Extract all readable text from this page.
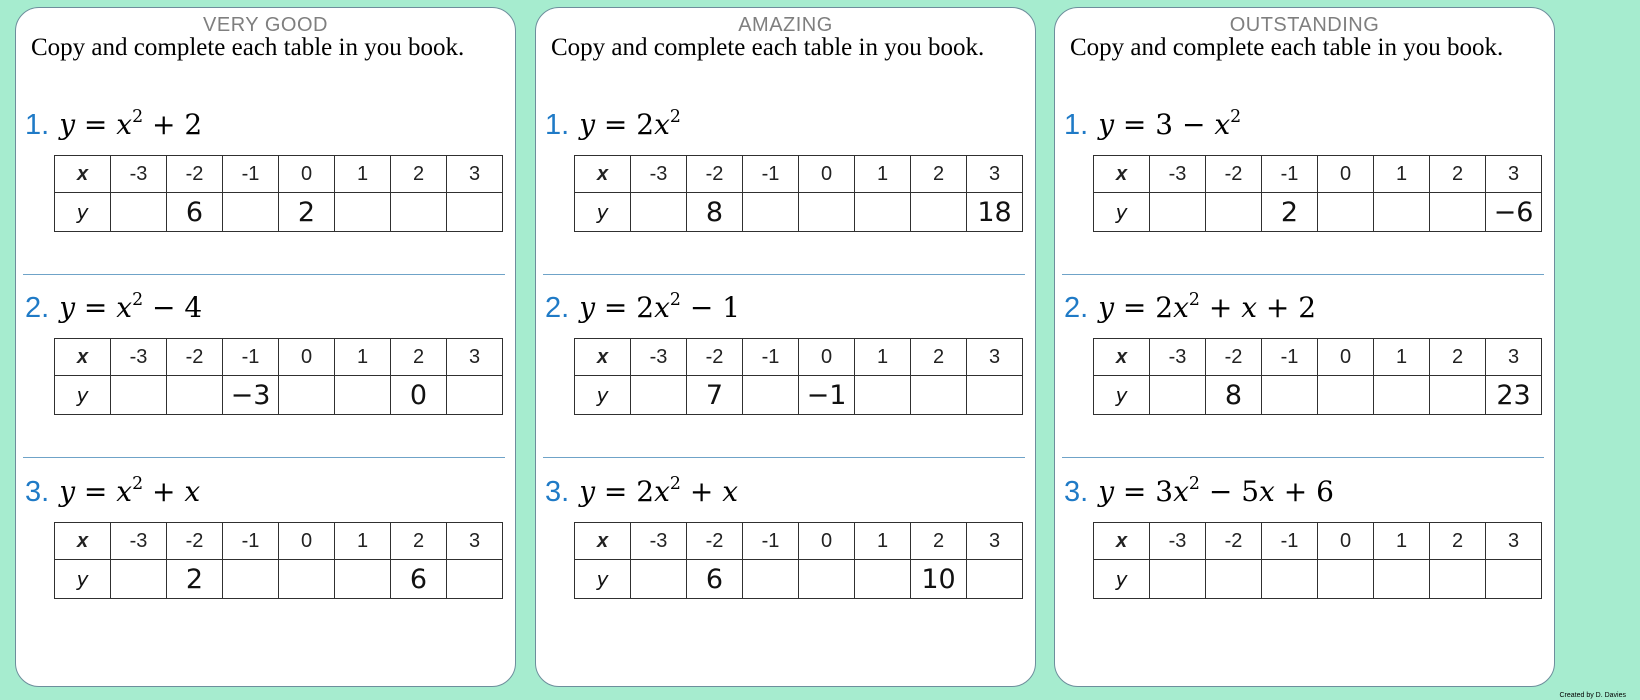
VERY GOOD
Copy and complete each table in you book.
1. $y = x^2 + 2$
x	-3	-2	-1	0	1	2	3
y		6		2			
2. $y = x^2 - 4$
x	-3	-2	-1	0	1	2	3
y			−3			0	
3. $y = x^2 + x$
x	-3	-2	-1	0	1	2	3
y		2				6	
AMAZING
Copy and complete each table in you book.
1. $y = 2x^2$
x	-3	-2	-1	0	1	2	3
y		8					18
2. $y = 2x^2 - 1$
x	-3	-2	-1	0	1	2	3
y		7		−1			
3. $y = 2x^2 + x$
x	-3	-2	-1	0	1	2	3
y		6				10	
OUTSTANDING
Copy and complete each table in you book.
1. $y = 3 - x^2$
x	-3	-2	-1	0	1	2	3
y			2				−6
2. $y = 2x^2 + x + 2$
x	-3	-2	-1	0	1	2	3
y		8					23
3. $y = 3x^2 - 5x + 6$
x	-3	-2	-1	0	1	2	3
y							
Created by D. Davies
